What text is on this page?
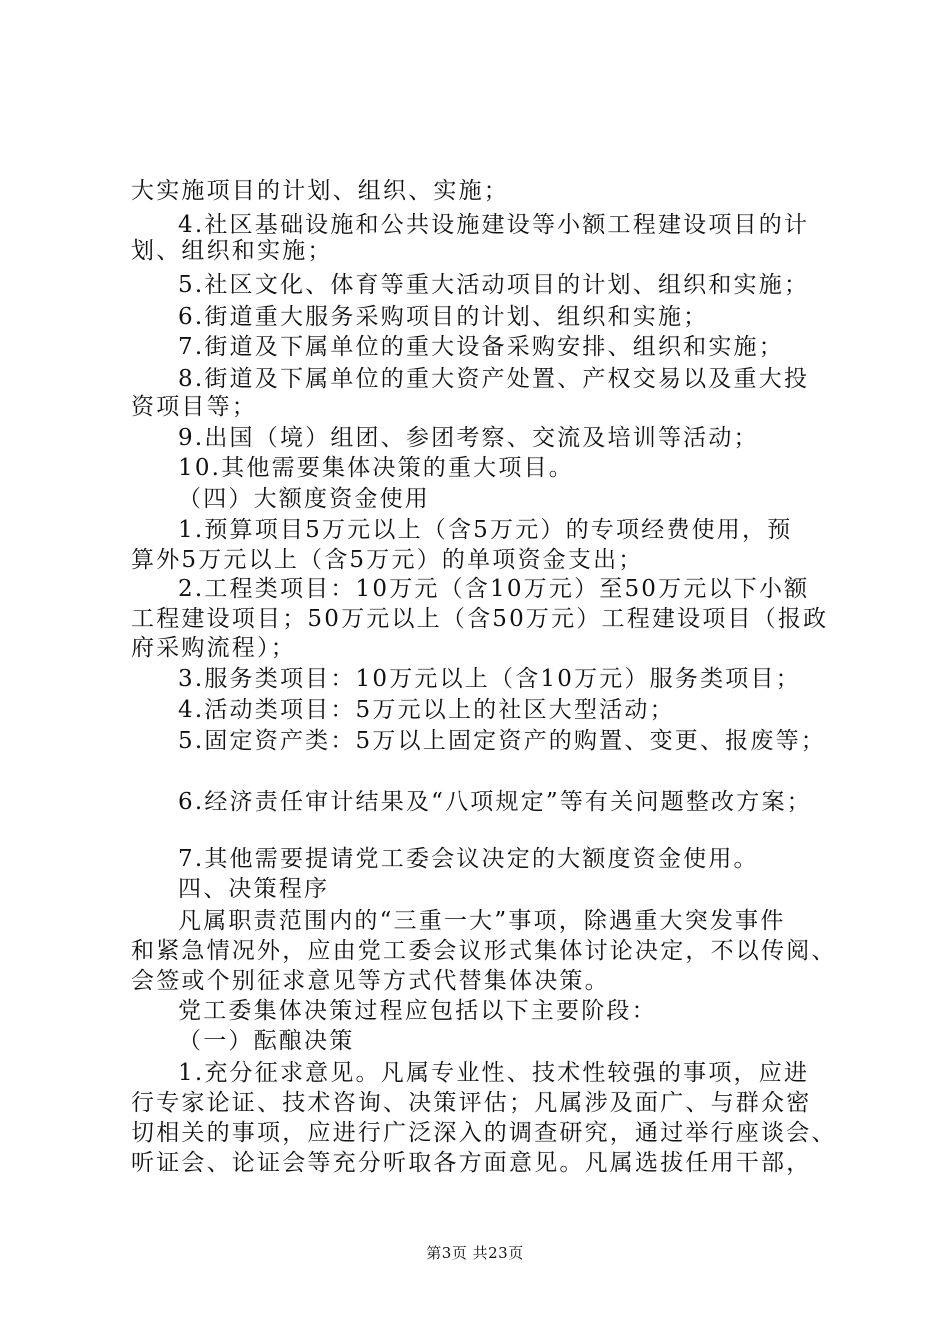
大实施项目的计划、组织、实施；
4.社区基础设施和公共设施建设等小额工程建设项目的计
划、组织和实施；
5.社区文化、体育等重大活动项目的计划、组织和实施；
6.街道重大服务采购项目的计划、组织和实施；
7.街道及下属单位的重大设备采购安排、组织和实施；
8.街道及下属单位的重大资产处置、产权交易以及重大投
资项目等；
9.出国（境）组团、参团考察、交流及培训等活动；
10.其他需要集体决策的重大项目。
（四）大额度资金使用
1.预算项目5万元以上（含5万元）的专项经费使用，预
算外5万元以上（含5万元）的单项资金支出；
2.工程类项目：10万元（含10万元）至50万元以下小额
工程建设项目；50万元以上（含50万元）工程建设项目（报政
府采购流程）；
3.服务类项目：10万元以上（含10万元）服务类项目；
4.活动类项目：5万元以上的社区大型活动；
5.固定资产类：5万以上固定资产的购置、变更、报废等；
6.经济责任审计结果及“八项规定”等有关问题整改方案；
7.其他需要提请党工委会议决定的大额度资金使用。
四、决策程序
凡属职责范围内的“三重一大”事项，除遇重大突发事件
和紧急情况外，应由党工委会议形式集体讨论决定，不以传阅、
会签或个别征求意见等方式代替集体决策。
党工委集体决策过程应包括以下主要阶段：
（一）酝酿决策
1.充分征求意见。凡属专业性、技术性较强的事项，应进
行专家论证、技术咨询、决策评估；凡属涉及面广、与群众密
切相关的事项，应进行广泛深入的调查研究，通过举行座谈会、
听证会、论证会等充分听取各方面意见。凡属选拔任用干部，
第3页 共23页
